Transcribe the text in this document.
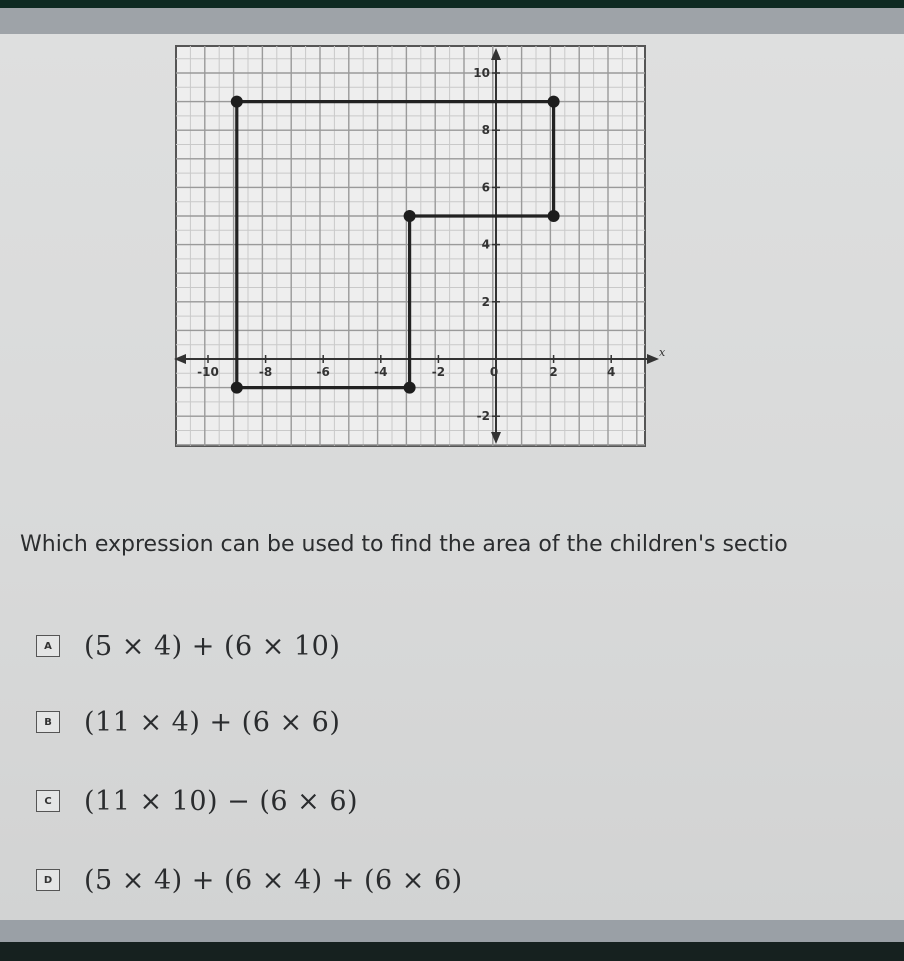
x
-10	-8	-6	-4	-2	0	2	4
-2
2
4
6
8
10
Which expression can be used to find the area of the children's sectio
A	(5 × 4) + (6 × 10)
B	(11 × 4) + (6 × 6)
C	(11 × 10) − (6 × 6)
D (5 × 4) + (6 × 4) + (6 × 6)
